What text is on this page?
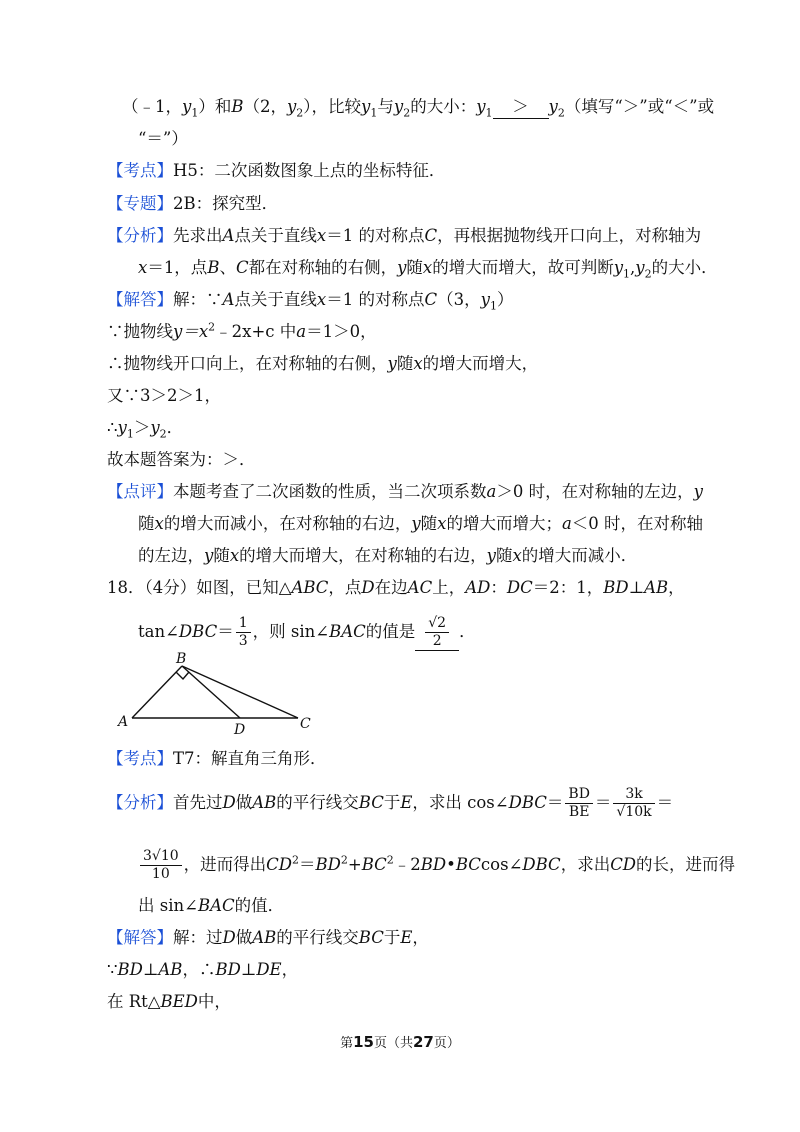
（﹣1，$y_1$）和B（2，$y_2$），比较$y_1$与$y_2$的大小：$y_1 > y_2$（填写“＞”或“＜”或
“＝”）
【考点】H5：二次函数图象上点的坐标特征．
【专题】2B：探究型．
【分析】先求出A点关于直线x＝1 的对称点C，再根据抛物线开口向上，对称轴为
x＝1，点B、C都在对称轴的右侧，y随x的增大而增大，故可判断$y_1,y_2$的大小．
【解答】解：∵A点关于直线x＝1 的对称点C（3，$y_1$）
∵抛物线$y=x^2﹣2x+c$ 中a＝1＞0，
∴抛物线开口向上，在对称轴的右侧，y随x的增大而增大，
又∵3＞2＞1，
$\therefore y_1>y_2$．
故本题答案为：＞．
【点评】本题考查了二次函数的性质，当二次项系数a＞0 时，在对称轴的左边，y
随x的增大而减小，在对称轴的右边，y随x的增大而增大；a＜0 时，在对称轴
的左边，y随x的增大而增大，在对称轴的右边，y随x的增大而减小．
18．（4分）如图，已知△ABC，点D在边AC上，AD：DC＝2：1，BD⊥AB，
tan∠DBC＝ $\frac{1}{3}$ ，则 sin∠BAC的值是 $\frac{√2}{2}$ ．
B
A	D	C
【考点】T7：解直角三角形．
【分析】首先过D做AB的平行线交BC于E，求出 cos∠DBC＝ $\frac{BD}{BE} = \frac{3k}{√10k}$ ＝
$\frac{3√10}{10}$ ，进而得出$CD^2=BD^2+BC^2﹣2BD•BCcos\angle DBC$，求出CD的长，进而得
出 sin∠BAC的值．
【解答】解：过D做AB的平行线交BC于E，
∵BD⊥AB，∴BD⊥DE，
在 Rt△BED中，
第15页（共27页）
